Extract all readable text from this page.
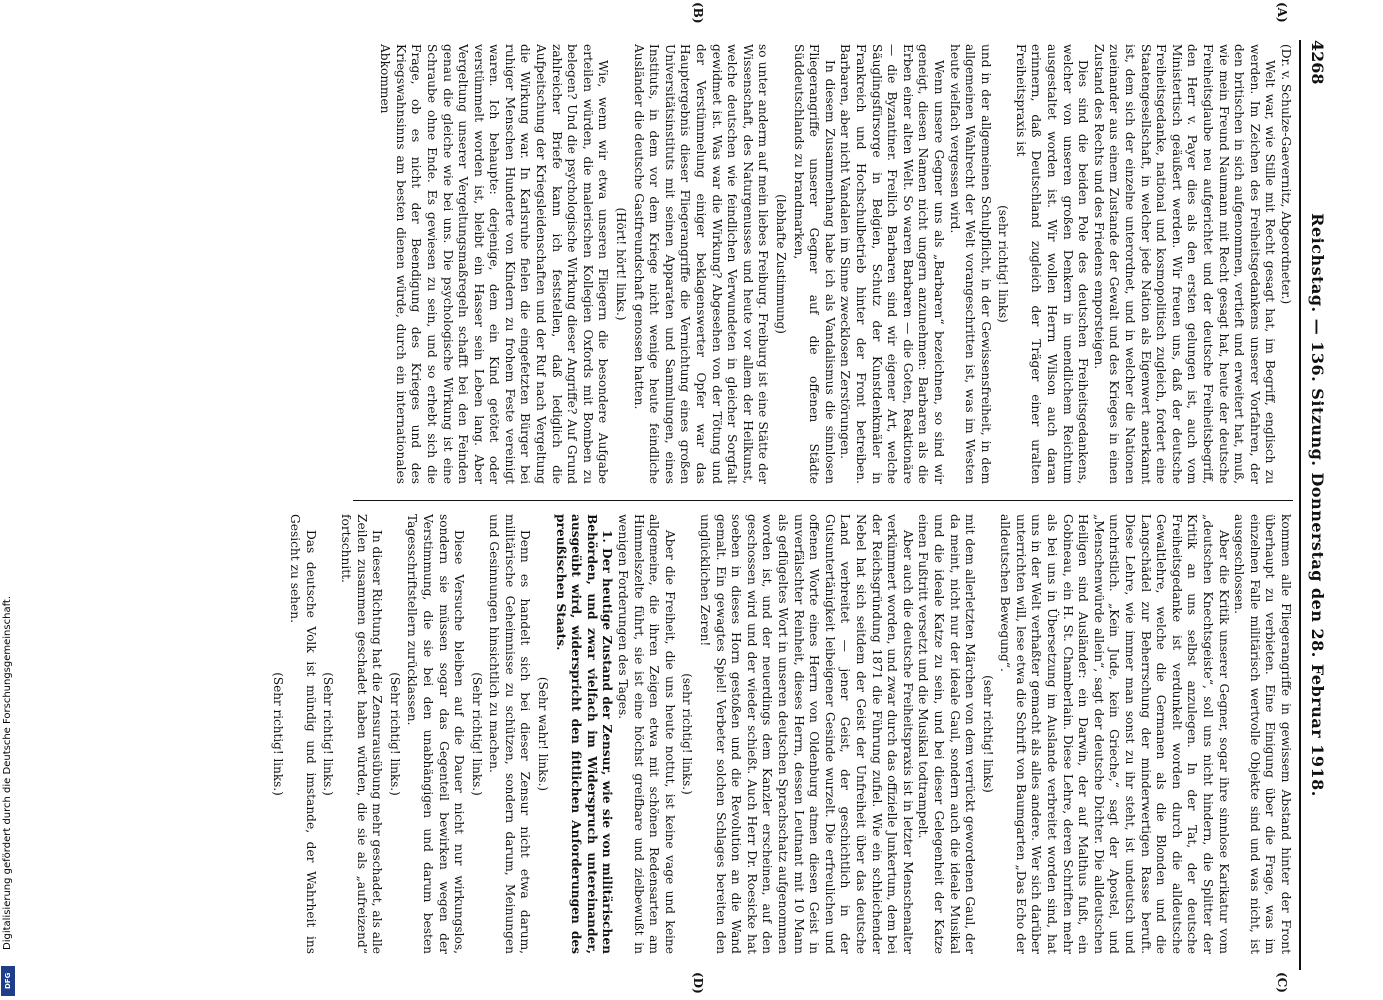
4268
Reichstag. — 136. Sitzung. Donnerstag den 28. Februar 1918.
(A)
(B)
(C)
(D)

(Dr. v. Schulze-Gaevernitz, Abgeordneter.)

Welt war, wie Stille mit Recht gesagt hat, im Begriff, englisch zu werden. Im Zeichen des Freiheitsgedankens unserer Vorfahren, der den britischen in sich aufgenommen, vertieft und erweitert hat, muß, wie mein Freund Naumann mit Recht gesagt hat, heute der deutsche Freiheitsglaube neu aufgerichtet und der deutsche Freiheitsbegriff, den Herr v. Payer dies als den ersten gelungen ist, auch vom Ministertisch geäußert werden. Wir freuen uns, daß der deutsche Freiheitsgedanke, national und kosmopolitisch zugleich, fordert eine Staatengesellschaft, in welcher jede Nation als Eigenwert anerkannt ist, dem sich der einzelne unterordnet, und in welcher die Nationen zueinander aus einem Zustande der Gewalt und des Krieges in einen Zustand des Rechts und des Friedens emporsteigen.

Dies sind die beiden Pole des deutschen Freiheitsgedankens, welcher von unseren großen Denkern in unendlichem Reichtum ausgestaltet worden ist. Wir wollen Herrn Wilson auch daran erinnern, daß Deutschland zugleich der Träger einer uralten Freiheitspraxis ist

(sehr richtig! links)

und in der allgemeinen Schulpflicht, in der Gewissensfreiheit, in dem allgemeinen Wahlrecht der Welt vorangeschritten ist, was im Westen heute vielfach vergessen wird.

Wenn unsere Gegner uns als „Barbaren“ bezeichnen, so sind wir geneigt, diesen Namen nicht ungern anzunehmen: Barbaren als die Erben einer alten Welt. So waren Barbaren — die Goten, Reaktionäre — die Byzantiner. Freilich Barbaren sind wir eigener Art, welche Säuglingsfürsorge in Belgien, Schutz der Kunstdenkmäler in Frankreich und Hochschulbetrieb hinter der Front betreiben. Barbaren, aber nicht Vandalen im Sinne zwecklosen Zerstörungen.

In diesem Zusammenhang habe ich als Vandalismus die sinnlosen Fliegerangriffe unserer Gegner auf die offenen Städte Süddeutschlands zu brandmarken,

(lebhafte Zustimmung)

so unter anderm auf mein liebes Freiburg. Freiburg ist eine Stätte der Wissenschaft, des Naturgenusses und heute vor allem der Heilkunst, welche deutschen wie feindlichen Verwundeten in gleicher Sorgfalt gewidmet ist. Was war die Wirkung? Abgesehen von der Tötung und der Verstümmelung einiger beklagenswerter Opfer war das Hauptergebnis dieser Fliegerangriffe die Vernichtung eines großen Universitätsinstituts mit seinen Apparaten und Sammlungen, eines Instituts, in dem vor dem Kriege nicht wenige heute feindliche Ausländer die deutsche Gastfreundschaft genossen hatten.

(Hört! hört! links.)

Wie, wenn wir etwa unseren Fliegern die besondere Aufgabe erteilen würden, die malerischen Kollegien Oxfords mit Bomben zu belegen? Und die psychologische Wirkung dieser Angriffe? Auf Grund zahlreicher Briefe kann ich feststellen, daß lediglich die Aufpeitschung der Kriegsleidenschaften und der Ruf nach Vergeltung die Wirkung war. In Karlsruhe fielen die eingefetzten Bürger bei ruhiger Menschen Hunderte von Kindern zu frohem Feste vereinigt waren. Ich behaupte: derjenige, dem ein Kind getötet oder verstümmelt worden ist, bleibt ein Hasser sein Leben lang. Aber Vergeltung unserer Vergeltungsmaßregeln schafft bei den Feinden genau die gleiche wie bei uns. Die psychologische Wirkung ist eine Schraube ohne Ende. Es gewiesen zu sein, und so erhebt sich die Frage, ob es nicht der Beendigung des Krieges und des Kriegswahnsinns am besten dienen würde, durch ein internationales Abkommen

kommen alle Fliegerangriffe in gewissem Abstand hinter der Front überhaupt zu verbieten. Eine Einigung über die Frage, was im einzelnen Falle militärisch wertvolle Objekte sind und was nicht, ist ausgeschlossen.

Aber die Kritik unserer Gegner, sogar ihre sinnlose Karikatur vom „deutschen Knechtsgeiste“, soll uns nicht hindern, die Splitter der Kritik an uns selbst anzulegen. In der Tat, der deutsche Freiheitsgedanke ist verdunkelt worden durch die alldeutsche Gewaltlehre, welche die Germanen als die Blonden und die Langschädel zur Beherrschung der minderwertigen Rasse beruft. Diese Lehre, wie immer man sonst zu ihr steht, ist undeutsch und unchristlich. „Kein Jude, kein Grieche,“ sagt der Apostel, und „Menschenwürde allein“, sagt der deutsche Dichter. Die alldeutschen Heiligen sind Ausländer: ein Darwin, der auf Malthus fußt, ein Gobineau, ein H. St. Chamberlain. Diese Lehre, deren Schriften mehr als bei uns in Übersetzung im Auslande verbreitet worden sind, hat uns in der Welt verhaßter gemacht als alles andere. Wer sich darüber unterrichten will, lese etwa die Schrift von Baumgarten „Das Echo der alldeutschen Bewegung“.

(sehr richtig! links)

mit dem allerletzten Märchen von dem verrückt gewordenen Gaul, der da meint, nicht nur der ideale Gaul, sondern auch die ideale Musikal und die ideale Katze zu sein, und bei dieser Gelegenheit der Katze einen Fußtritt versetzt und die Musikal todtrampelt.

Aber auch die deutsche Freiheitspraxis ist in letzter Menschenalter verkümmert worden, und zwar durch das offizielle Junkertum, dem bei der Reichsgründung 1871 die Führung zufiel. Wie ein schleichender Nebel hat sich seitdem der Geist der Unfreiheit über das deutsche Land verbreitet — jener Geist, der geschichtlich in der Gutsuntertänigkeit leibeigener Gesinde wurzelt. Die erfreulichen und offenen Worte eines Herrn von Oldenburg atmen diesen Geist in unverfälschter Reinheit, dieses Herrn, dessen Leutnant mit 10 Mann als geflügeltes Wort in unseren deutschen Sprachschatz aufgenommen worden ist, und der neuerdings dem Kanzler erscheinen, auf den geschossen wird und der wieder schießt. Auch Herr Dr. Roesicke hat soeben in dieses Horn gestoßen und die Revolution an die Wand gemalt. Ein gewagtes Spiel! Verbeter solchen Schlages bereiten den unglücklichen Zeren!

(sehr richtig! links.)

Aber die Freiheit, die uns heute nottut, ist keine vage und keine allgemeine, die ihren Zeigen etwa mit schönen Redensarten am Himmelszelte führt, sie ist eine höchst greifbare und zielbewußt in wenigen Forderungen des Tages.

1. Der heutige Zustand der Zensur, wie sie von militärischen Behörden, und zwar vielfach im Widerspruch untereinander, ausgeübt wird, widerspricht den fittlichen Anforderungen des preußischen Staats.

(Sehr wahr! links.)

Denn es handelt sich bei dieser Zensur nicht etwa darum, militärische Geheimnisse zu schützen, sondern darum, Meinungen und Gesinnungen hinsichtlich zu machen.

(Sehr richtig! links.)

Diese Versuche bleiben auf die Dauer nicht nur wirkungslos, sondern sie müssen sogar das Gegenteil bewirken wegen der Verstimmung, die sie bei den unabhängigen und darum besten Tagesschriftstellern zurücklassen.

(Sehr richtig! links.)

In dieser Richtung hat die Zensurausübung mehr geschadet, als alle Zeilen zusammen geschadet haben würden, die sie als „aufreizend“ fortschnitt.

(Sehr richtig! links.)

Das deutsche Volk ist mündig und imstande, der Wahrheit ins Gesicht zu sehen.

(Sehr richtig! links.)
Digitalisierung gefördert durch die Deutsche Forschungsgemeinschaft.
DFG
